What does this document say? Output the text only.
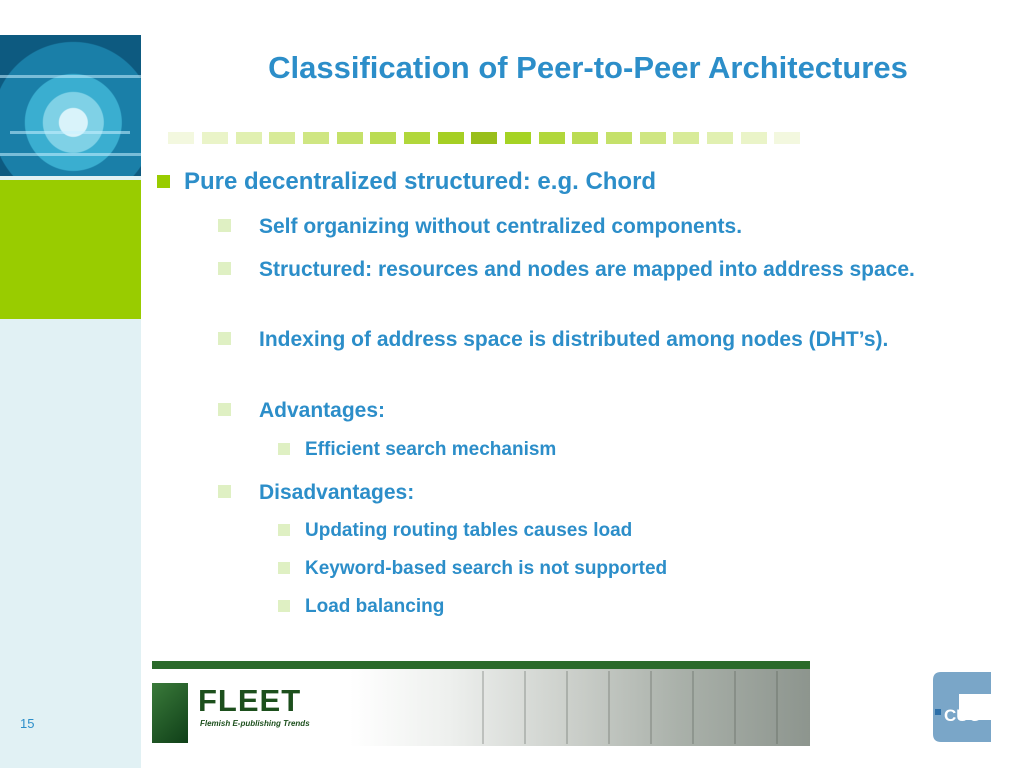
Classification of Peer-to-Peer Architectures
Pure decentralized structured: e.g. Chord
Self organizing without centralized components.
Structured: resources and nodes are mapped into address space.
Indexing of address space is distributed among nodes (DHT’s).
Advantages:
Efficient search mechanism
Disadvantages:
Updating routing tables causes load
Keyword-based search is not supported
Load balancing
FLEET
Flemish E-publishing Trends
15	CUO
